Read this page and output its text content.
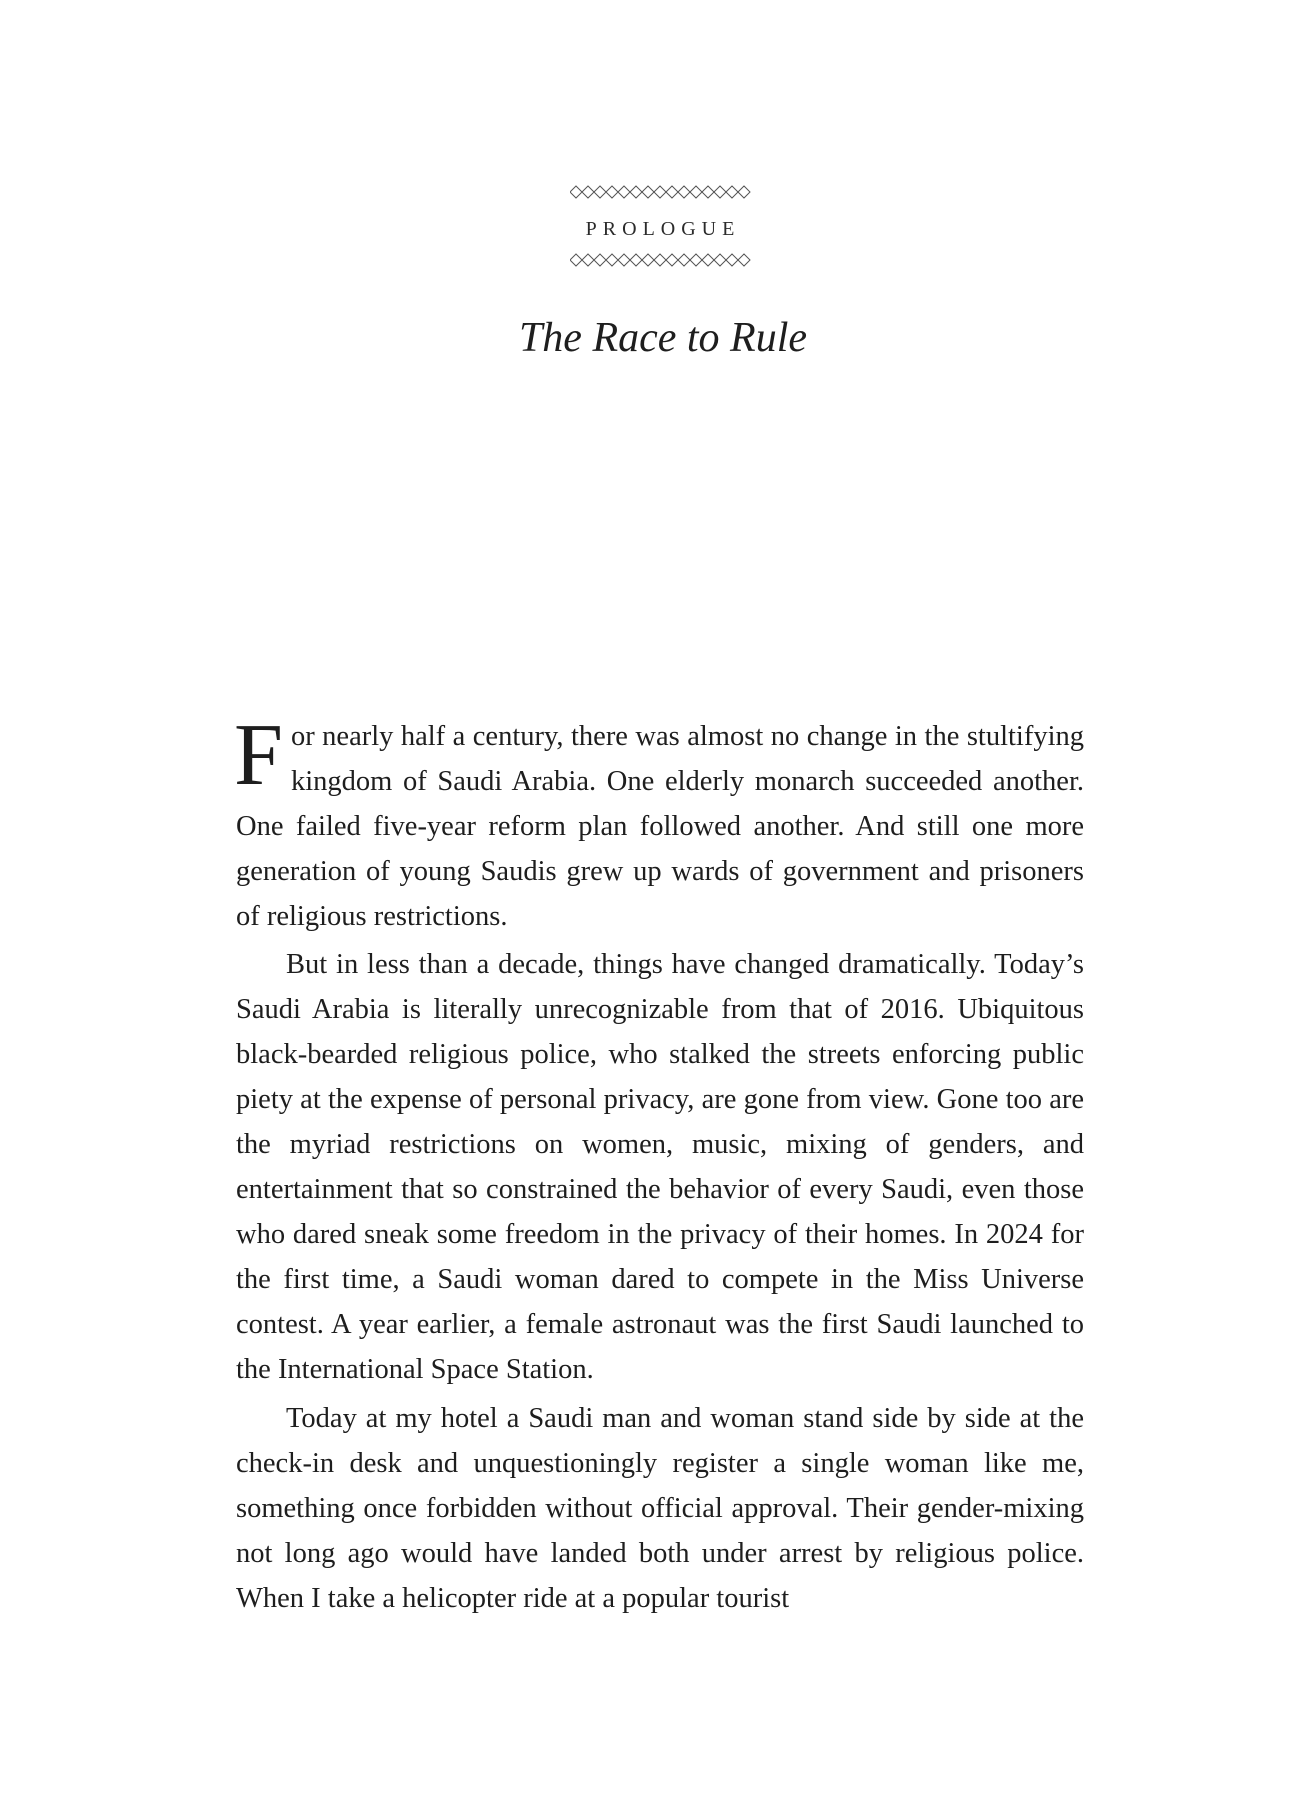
PROLOGUE
The Race to Rule

For nearly half a century, there was almost no change in the stultifying kingdom of Saudi Arabia. One elderly monarch succeeded another. One failed five-year reform plan followed another. And still one more generation of young Saudis grew up wards of government and prisoners of religious restrictions.

But in less than a decade, things have changed dramatically. Today’s Saudi Arabia is literally unrecognizable from that of 2016. Ubiquitous black-bearded religious police, who stalked the streets enforcing public piety at the expense of personal privacy, are gone from view. Gone too are the myriad restrictions on women, music, mixing of genders, and entertainment that so constrained the behavior of every Saudi, even those who dared sneak some freedom in the privacy of their homes. In 2024 for the first time, a Saudi woman dared to compete in the Miss Universe contest. A year earlier, a female astronaut was the first Saudi launched to the International Space Station.

Today at my hotel a Saudi man and woman stand side by side at the check-in desk and unquestioningly register a single woman like me, something once forbidden without official approval. Their gender-mixing not long ago would have landed both under arrest by religious police. When I take a helicopter ride at a popular tourist
